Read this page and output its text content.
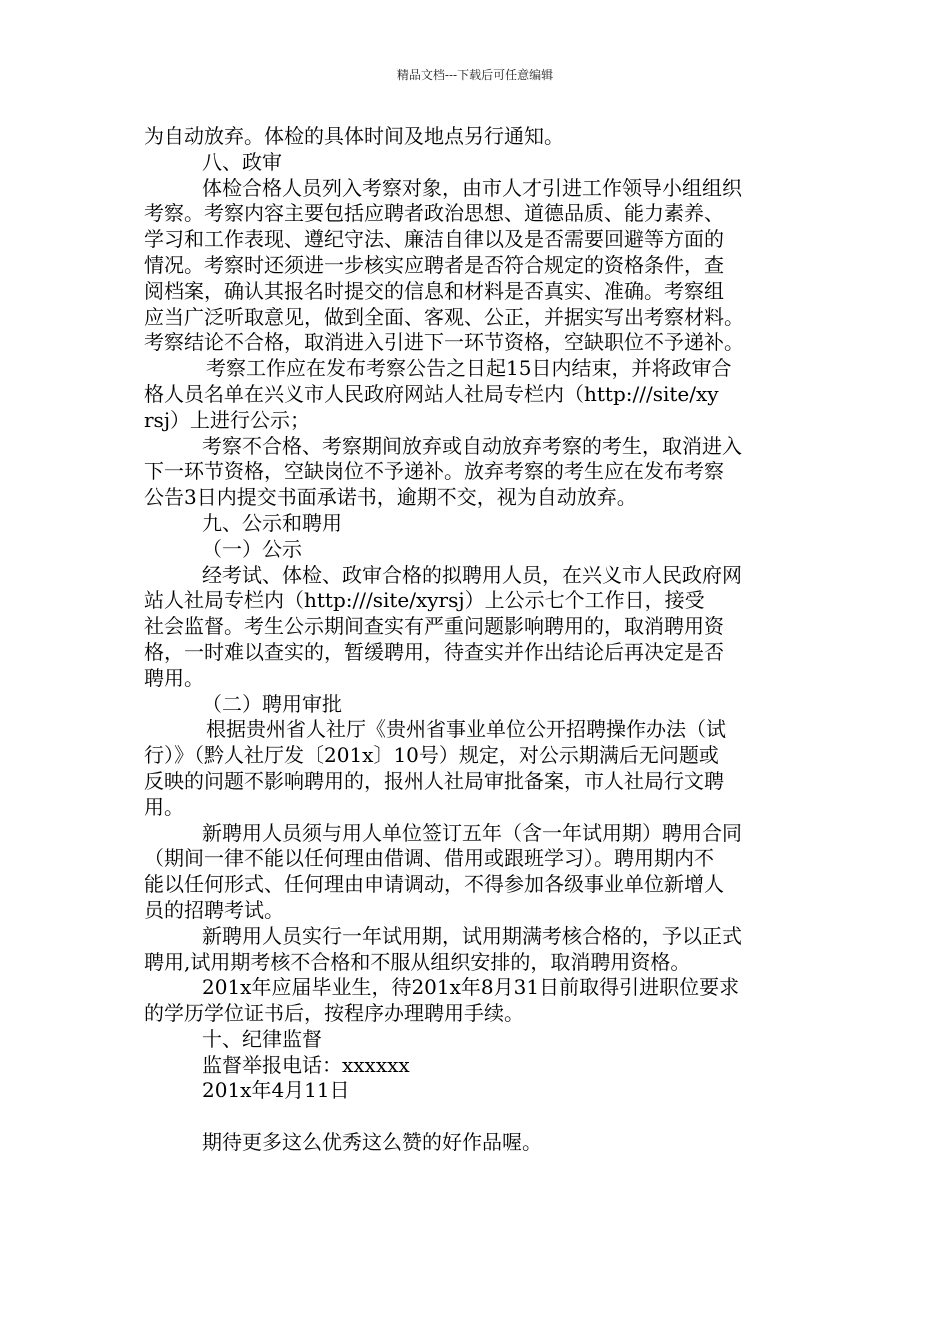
精品文档---下载后可任意编辑

为自动放弃。体检的具体时间及地点另行通知。

八、政审

体检合格人员列入考察对象，由市人才引进工作领导小组组织

考察。考察内容主要包括应聘者政治思想、道德品质、能力素养、

学习和工作表现、遵纪守法、廉洁自律以及是否需要回避等方面的

情况。考察时还须进一步核实应聘者是否符合规定的资格条件，查

阅档案，确认其报名时提交的信息和材料是否真实、准确。考察组

应当广泛听取意见，做到全面、客观、公正，并据实写出考察材料。

考察结论不合格，取消进入引进下一环节资格，空缺职位不予递补。

考察工作应在发布考察公告之日起15日内结束，并将政审合

格人员名单在兴义市人民政府网站人社局专栏内（http:///site/xy

rsj）上进行公示；

考察不合格、考察期间放弃或自动放弃考察的考生，取消进入

下一环节资格，空缺岗位不予递补。放弃考察的考生应在发布考察

公告3日内提交书面承诺书，逾期不交，视为自动放弃。

九、公示和聘用

（一）公示

经考试、体检、政审合格的拟聘用人员，在兴义市人民政府网

站人社局专栏内（http:///site/xyrsj）上公示七个工作日，接受

社会监督。考生公示期间查实有严重问题影响聘用的，取消聘用资

格，一时难以查实的，暂缓聘用，待查实并作出结论后再决定是否

聘用。

（二）聘用审批

根据贵州省人社厅《贵州省事业单位公开招聘操作办法（试

行）》（黔人社厅发〔201x〕10号）规定，对公示期满后无问题或

反映的问题不影响聘用的，报州人社局审批备案，市人社局行文聘

用。

新聘用人员须与用人单位签订五年（含一年试用期）聘用合同

（期间一律不能以任何理由借调、借用或跟班学习）。聘用期内不

能以任何形式、任何理由申请调动，不得参加各级事业单位新增人

员的招聘考试。

新聘用人员实行一年试用期，试用期满考核合格的，予以正式

聘用,试用期考核不合格和不服从组织安排的，取消聘用资格。

201x年应届毕业生，待201x年8月31日前取得引进职位要求

的学历学位证书后，按程序办理聘用手续。

十、纪律监督

监督举报电话：xxxxxx

201x年4月11日

期待更多这么优秀这么赞的好作品喔。
